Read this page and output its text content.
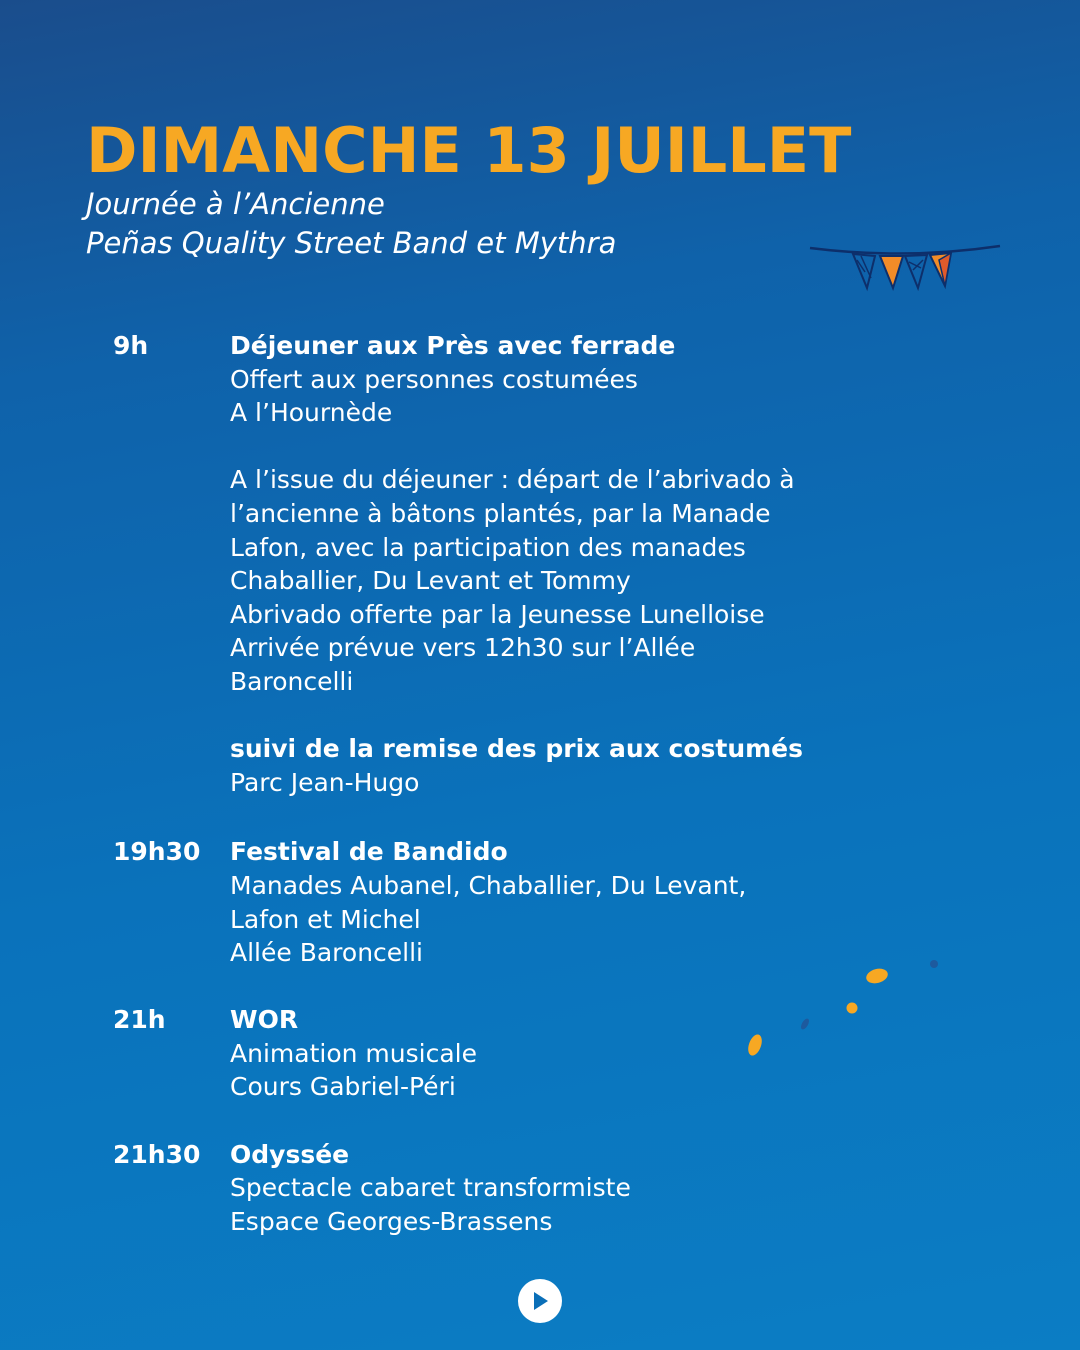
DIMANCHE 13 JUILLET

Journée à l’Ancienne

Peñas Quality Street Band et Mythra

9h	Déjeuner aux Près avec ferrade
Offert aux personnes costumées
A l’Hournède
A l’issue du déjeuner : départ de l’abrivado à
l’ancienne à bâtons plantés, par la Manade
Lafon, avec la participation des manades
Chaballier, Du Levant et Tommy
Abrivado offerte par la Jeunesse Lunelloise
Arrivée prévue vers 12h30 sur l’Allée
Baroncelli
suivi de la remise des prix aux costumés
Parc Jean-Hugo
19h30	Festival de Bandido
Manades Aubanel, Chaballier, Du Levant,
Lafon et Michel
Allée Baroncelli
21h	WOR
Animation musicale
Cours Gabriel-Péri
21h30	Odyssée
Spectacle cabaret transformiste
Espace Georges-Brassens
